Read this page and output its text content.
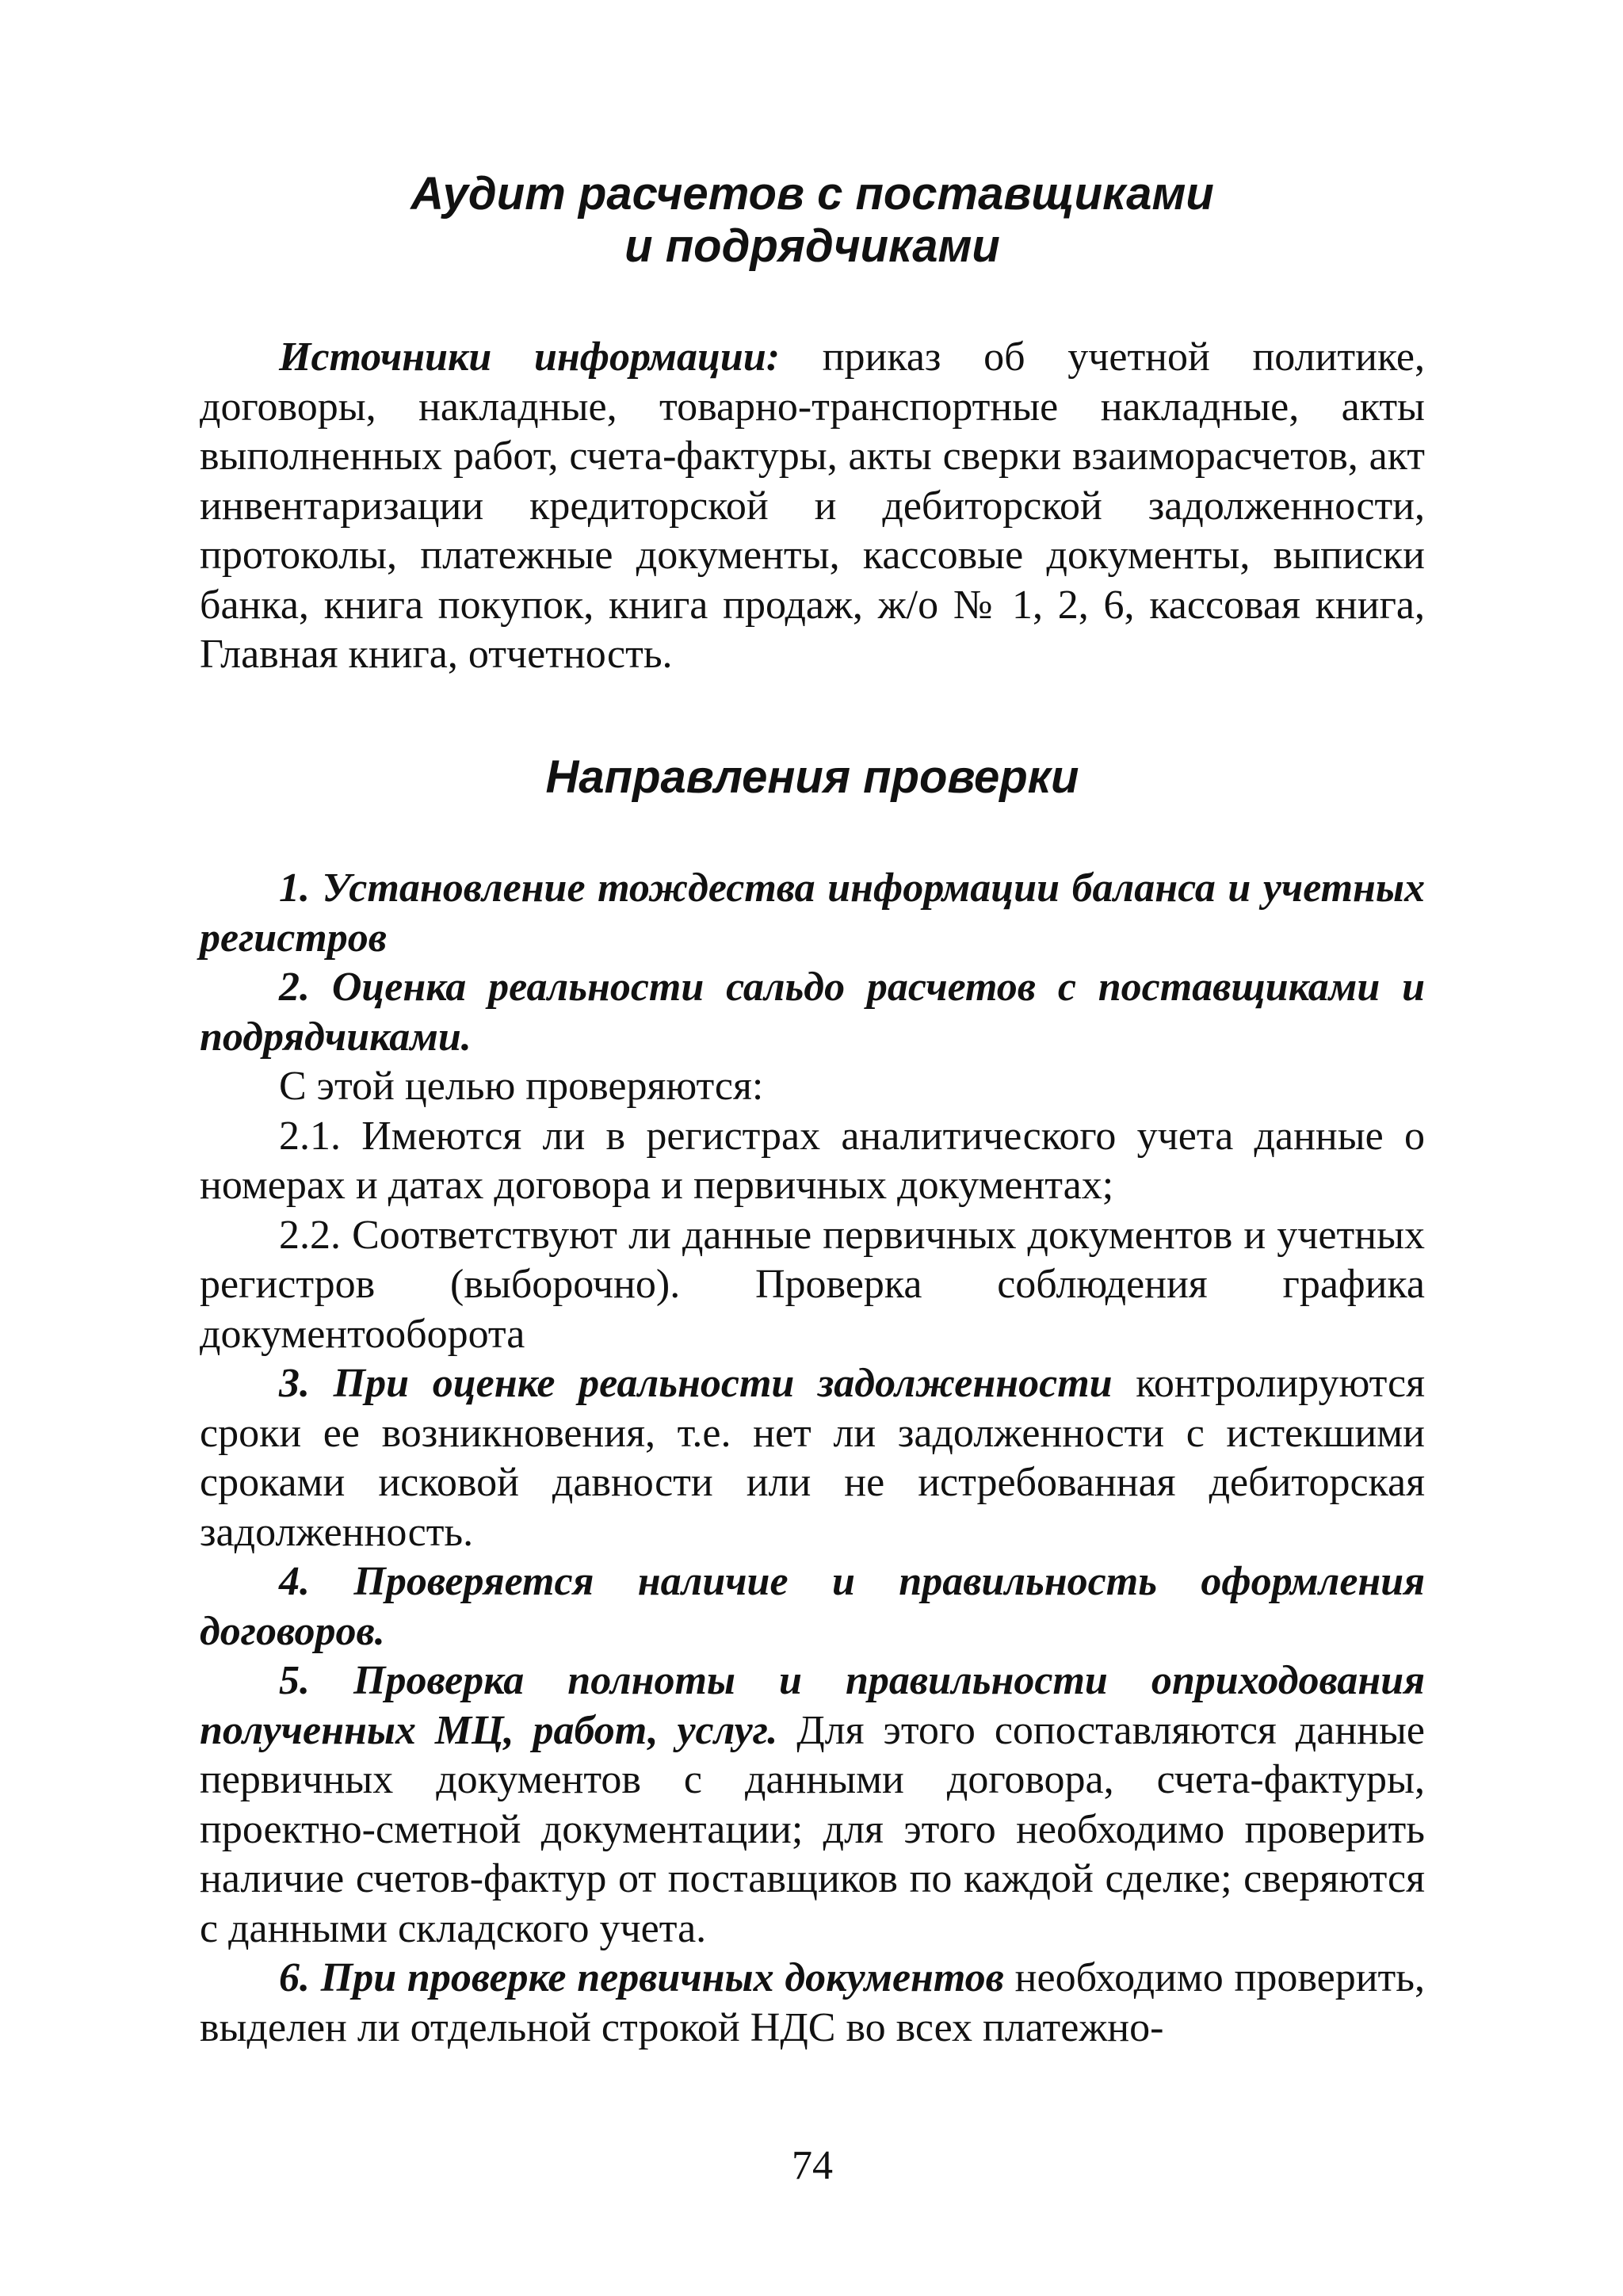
Аудит расчетов с поставщиками
и подрядчиками

Источники информации: приказ об учетной политике, договоры, накладные, товарно-транспортные накладные, акты выполненных работ, счета-фактуры, акты сверки взаиморасчетов, акт инвентаризации кредиторской и дебиторской задолженности, протоколы, платежные документы, кассовые документы, выписки банка, книга покупок, книга продаж, ж/о № 1, 2, 6, кассовая книга, Главная книга, отчетность.

Направления проверки

1. Установление тождества информации баланса и учетных регистров

2. Оценка реальности сальдо расчетов с поставщиками и подрядчиками.

С этой целью проверяются:

2.1. Имеются ли в регистрах аналитического учета данные о номерах и датах договора и первичных документах;

2.2. Соответствуют ли данные первичных документов и учетных регистров (выборочно). Проверка соблюдения графика документооборота

3. При оценке реальности задолженности контролируются сроки ее возникновения, т.е. нет ли задолженности с истекшими сроками исковой давности или не истребованная дебиторская задолженность.

4. Проверяется наличие и правильность оформления договоров.

5. Проверка полноты и правильности оприходования полученных МЦ, работ, услуг. Для этого сопоставляются данные первичных документов с данными договора, счета-фактуры, проектно-сметной документации; для этого необходимо проверить наличие счетов-фактур от поставщиков по каждой сделке; сверяются с данными складского учета.

6. При проверке первичных документов необходимо проверить, выделен ли отдельной строкой НДС во всех платежно-

74
